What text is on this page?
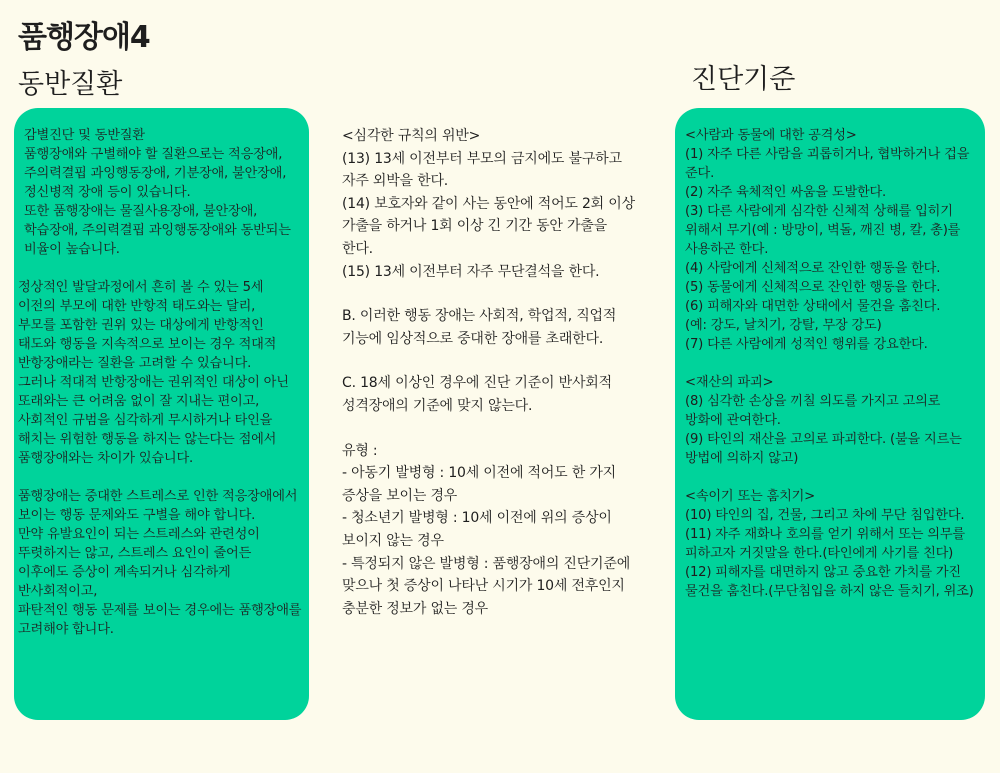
품행장애4
동반질환	진단기준
감별진단 및 동반질환
품행장애와 구별해야 할 질환으로는 적응장애, 주의력결핍 과잉행동장애, 기분장애, 불안장애, 정신병적 장애 등이 있습니다.
또한 품행장애는 물질사용장애, 불안장애, 학습장애, 주의력결핍 과잉행동장애와 동반되는 비율이 높습니다.
정상적인 발달과정에서 흔히 볼 수 있는 5세 이전의 부모에 대한 반항적 태도와는 달리,
부모를 포함한 권위 있는 대상에게 반항적인 태도와 행동을 지속적으로 보이는 경우 적대적 반항장애라는 질환을 고려할 수 있습니다.
그러나 적대적 반항장애는 권위적인 대상이 아닌 또래와는 큰 어려움 없이 잘 지내는 편이고,
사회적인 규범을 심각하게 무시하거나 타인을 해치는 위험한 행동을 하지는 않는다는 점에서 품행장애와는 차이가 있습니다.
품행장애는 중대한 스트레스로 인한 적응장애에서 보이는 행동 문제와도 구별을 해야 합니다.
만약 유발요인이 되는 스트레스와 관련성이 뚜렷하지는 않고, 스트레스 요인이 줄어든 이후에도 증상이 계속되거나 심각하게 반사회적이고,
파탄적인 행동 문제를 보이는 경우에는 품행장애를 고려해야 합니다.
<심각한 규칙의 위반>
(13) 13세 이전부터 부모의 금지에도 불구하고 자주 외박을 한다.
(14) 보호자와 같이 사는 동안에 적어도 2회 이상 가출을 하거나 1회 이상 긴 기간 동안 가출을 한다.
(15) 13세 이전부터 자주 무단결석을 한다.
B. 이러한 행동 장애는 사회적, 학업적, 직업적 기능에 임상적으로 중대한 장애를 초래한다.
C. 18세 이상인 경우에 진단 기준이 반사회적 성격장애의 기준에 맞지 않는다.
유형 :
- 아동기 발병형 : 10세 이전에 적어도 한 가지 증상을 보이는 경우
- 청소년기 발병형 : 10세 이전에 위의 증상이 보이지 않는 경우
- 특정되지 않은 발병형 : 품행장애의 진단기준에 맞으나 첫 증상이 나타난 시기가 10세 전후인지 충분한 정보가 없는 경우
<사람과 동물에 대한 공격성>
(1) 자주 다른 사람을 괴롭히거나, 협박하거나 겁을 준다.
(2) 자주 육체적인 싸움을 도발한다.
(3) 다른 사람에게 심각한 신체적 상해를 입히기 위해서 무기(예 : 방망이, 벽돌, 깨진 병, 칼, 총)를 사용하곤 한다.
(4) 사람에게 신체적으로 잔인한 행동을 한다.
(5) 동물에게 신체적으로 잔인한 행동을 한다.
(6) 피해자와 대면한 상태에서 물건을 훔친다.
(예: 강도, 날치기, 강탈, 무장 강도)
(7) 다른 사람에게 성적인 행위를 강요한다.
<재산의 파괴>
(8) 심각한 손상을 끼칠 의도를 가지고 고의로 방화에 관여한다.
(9) 타인의 재산을 고의로 파괴한다. (불을 지르는 방법에 의하지 않고)
<속이기 또는 훔치기>
(10) 타인의 집, 건물, 그리고 차에 무단 침입한다.
(11) 자주 재화나 호의를 얻기 위해서 또는 의무를 피하고자 거짓말을 한다.(타인에게 사기를 친다)
(12) 피해자를 대면하지 않고 중요한 가치를 가진 물건을 훔친다.(무단침입을 하지 않은 들치기, 위조)
